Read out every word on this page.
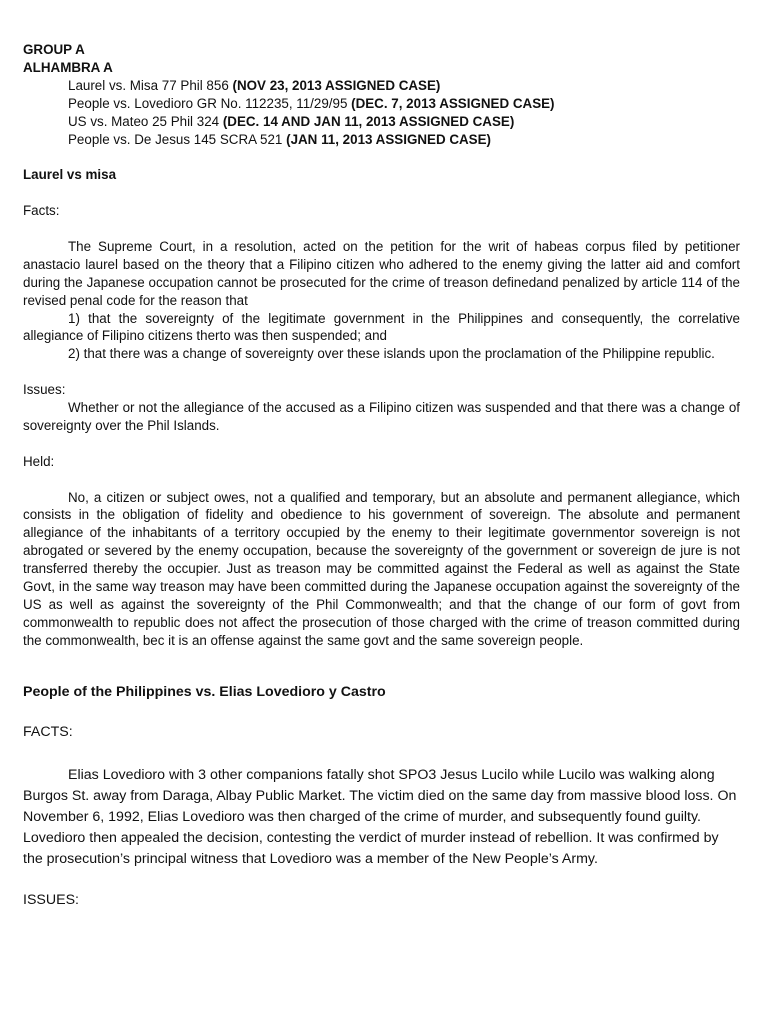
GROUP A

ALHAMBRA A

Laurel vs. Misa 77 Phil 856 (NOV 23, 2013 ASSIGNED CASE)

People vs. Lovedioro GR No. 112235, 11/29/95 (DEC. 7, 2013 ASSIGNED CASE)

US vs. Mateo 25 Phil 324 (DEC. 14 AND JAN 11, 2013 ASSIGNED CASE)

People vs. De Jesus 145 SCRA 521 (JAN 11, 2013 ASSIGNED CASE)

Laurel vs misa

Facts:

The Supreme Court, in a resolution, acted on the petition for the writ of habeas corpus filed by petitioner anastacio laurel based on the theory that a Filipino citizen who adhered to the enemy giving the latter aid and comfort during the Japanese occupation cannot be prosecuted for the crime of treason definedand penalized by article 114 of the revised penal code for the reason that

1) that the sovereignty of the legitimate government in the Philippines and consequently, the correlative allegiance of Filipino citizens therto was then suspended; and

2) that there was a change of sovereignty over these islands upon the proclamation of the Philippine republic.

Issues:

Whether or not the allegiance of the accused as a Filipino citizen was suspended and that there was a change of sovereignty over the Phil Islands.

Held:

No, a citizen or subject owes, not a qualified and temporary, but an absolute and permanent allegiance, which consists in the obligation of fidelity and obedience to his government of sovereign. The absolute and permanent allegiance of the inhabitants of a territory occupied by the enemy to their legitimate governmentor sovereign is not abrogated or severed by the enemy occupation, because the sovereignty of the government or sovereign de jure is not transferred thereby the occupier. Just as treason may be committed against the Federal as well as against the State Govt, in the same way treason may have been committed during the Japanese occupation against the sovereignty of the US as well as against the sovereignty of the Phil Commonwealth; and that the change of our form of govt from commonwealth to republic does not affect the prosecution of those charged with the crime of treason committed during the commonwealth, bec it is an offense against the same govt and the same sovereign people.

People of the Philippines vs. Elias Lovedioro y Castro

FACTS:

Elias Lovedioro with 3 other companions fatally shot SPO3 Jesus Lucilo while Lucilo was walking along Burgos St. away from Daraga, Albay Public Market. The victim died on the same day from massive blood loss. On November 6, 1992, Elias Lovedioro was then charged of the crime of murder, and subsequently found guilty. Lovedioro then appealed the decision, contesting the verdict of murder instead of rebellion. It was confirmed by the prosecution’s principal witness that Lovedioro was a member of the New People’s Army.

ISSUES:
